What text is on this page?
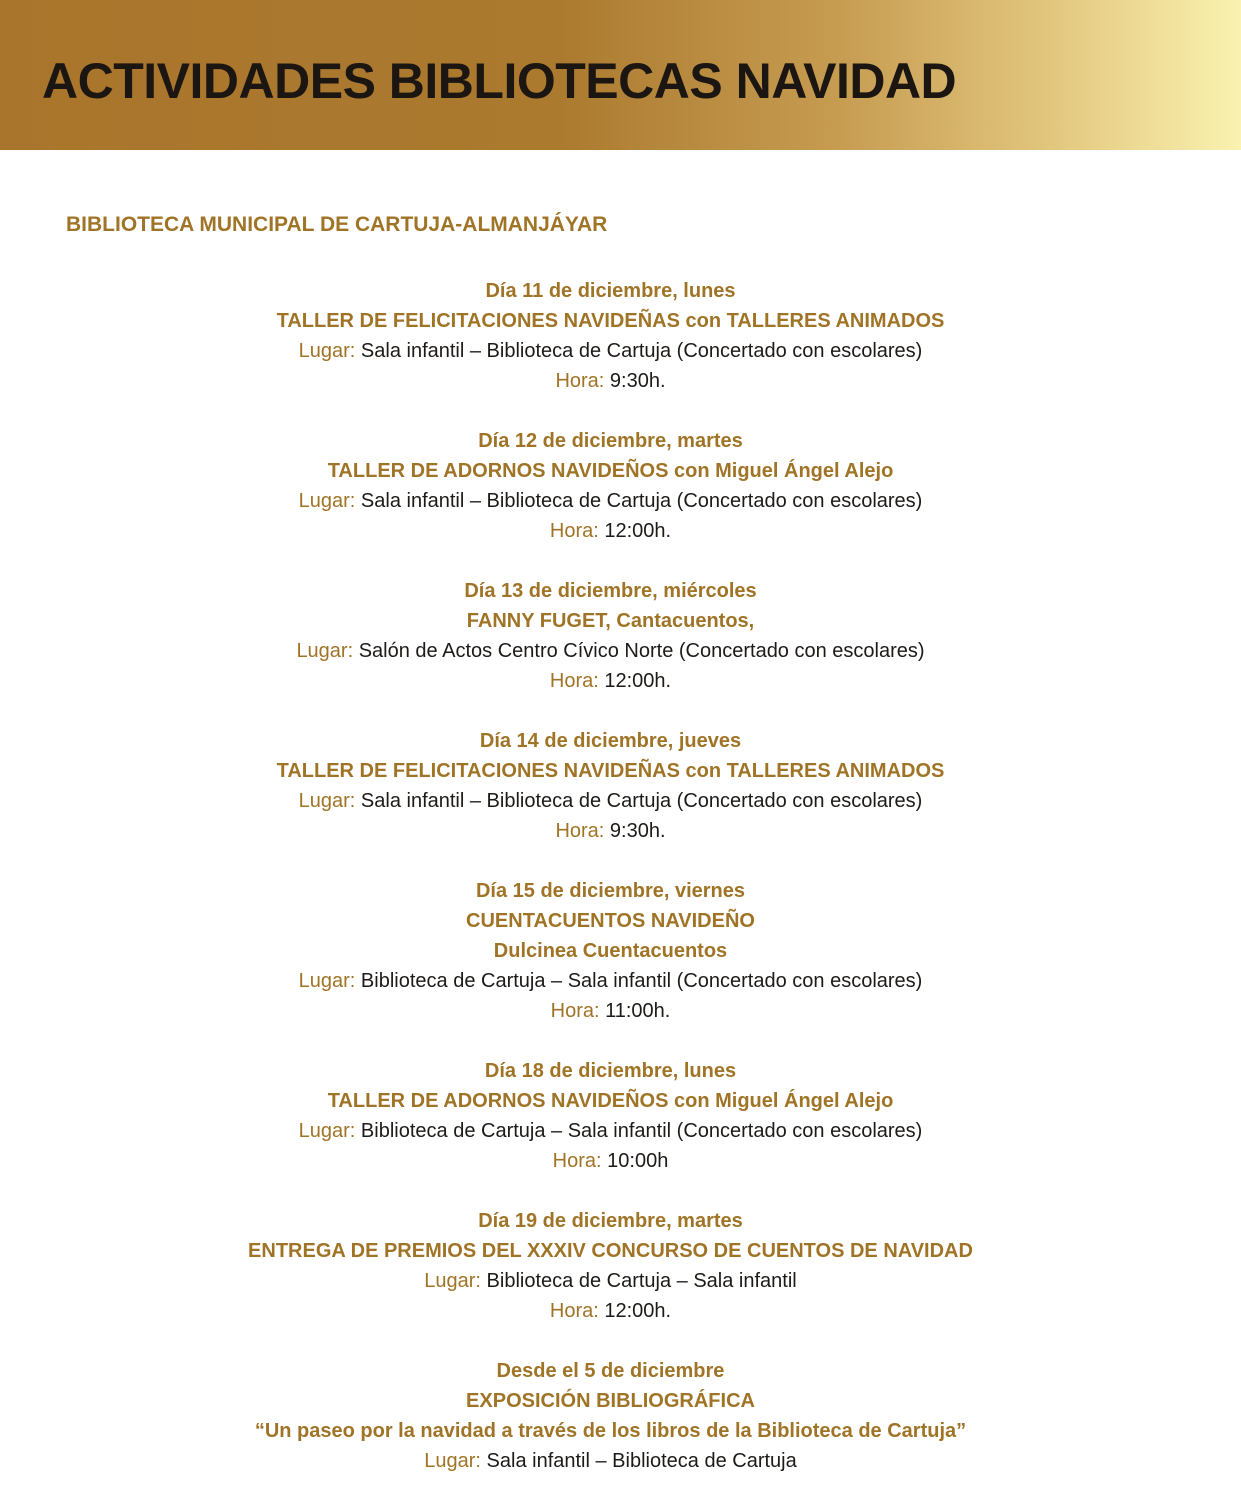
ACTIVIDADES BIBLIOTECAS NAVIDAD
BIBLIOTECA MUNICIPAL DE CARTUJA-ALMANJÁYAR
Día 11 de diciembre, lunes
TALLER DE FELICITACIONES NAVIDEÑAS con TALLERES ANIMADOS
Lugar: Sala infantil – Biblioteca de Cartuja (Concertado con escolares)
Hora: 9:30h.
Día 12 de diciembre, martes
TALLER DE ADORNOS NAVIDEÑOS con Miguel Ángel Alejo
Lugar: Sala infantil – Biblioteca de Cartuja (Concertado con escolares)
Hora: 12:00h.
Día 13 de diciembre, miércoles
FANNY FUGET, Cantacuentos,
Lugar: Salón de Actos Centro Cívico Norte (Concertado con escolares)
Hora: 12:00h.
Día 14 de diciembre, jueves
TALLER DE FELICITACIONES NAVIDEÑAS con TALLERES ANIMADOS
Lugar: Sala infantil – Biblioteca de Cartuja (Concertado con escolares)
Hora: 9:30h.
Día 15 de diciembre, viernes
CUENTACUENTOS NAVIDEÑO
Dulcinea Cuentacuentos
Lugar: Biblioteca de Cartuja – Sala infantil (Concertado con escolares)
Hora: 11:00h.
Día 18 de diciembre, lunes
TALLER DE ADORNOS NAVIDEÑOS con Miguel Ángel Alejo
Lugar: Biblioteca de Cartuja – Sala infantil (Concertado con escolares)
Hora: 10:00h
Día 19 de diciembre, martes
ENTREGA DE PREMIOS DEL XXXIV CONCURSO DE CUENTOS DE NAVIDAD
Lugar: Biblioteca de Cartuja – Sala infantil
Hora: 12:00h.
Desde el 5 de diciembre
EXPOSICIÓN BIBLIOGRÁFICA
“Un paseo por la navidad a través de los libros de la Biblioteca de Cartuja”
Lugar: Sala infantil – Biblioteca de Cartuja
